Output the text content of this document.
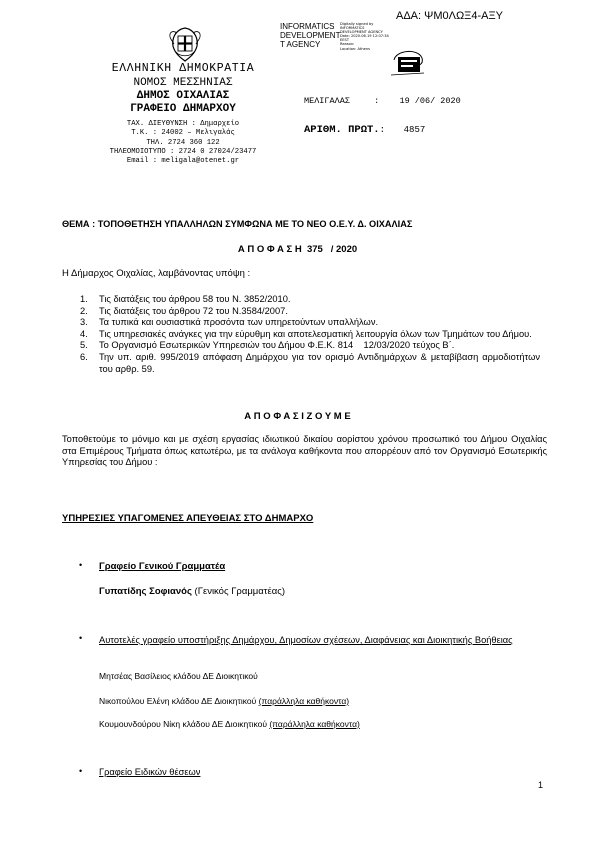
ΑΔΑ: ΨΜ0ΛΩΞ4-ΑΞΥ
ΕΛΛΗΝΙΚΗ ΔΗΜΟΚΡΑΤΙΑ
ΝΟΜΟΣ ΜΕΣΣΗΝΙΑΣ
ΔΗΜΟΣ ΟΙΧΑΛΙΑΣ
ΓΡΑΦΕΙΟ ΔΗΜΑΡΧΟΥ
ΤΑΧ. ΔΙΕΥΘΥΝΣΗ : Δημαρχείο
Τ.Κ. : 24002 – Μελιγαλάς
ΤΗΛ. 2724 360 122
ΤΗΛΕΟΜΟΙΟΤΥΠΟ : 2724 0 27024/23477
Email : meligala@otenet.gr
INFORMATICS
DEVELOPMENT
T AGENCY
Digitally signed by
INFORMATICS
DEVELOPMENT AGENCY
Date: 2020.06.19 12:07:34
EEST
Reason:
Location: Athens
ΜΕΛΙΓΑΛΑΣ	: 19 /06/ 2020
ΑΡΙΘΜ. ΠΡΩΤ.: 4857
ΘΕΜΑ : ΤΟΠΟΘΕΤΗΣΗ ΥΠΑΛΛΗΛΩΝ ΣΥΜΦΩΝΑ ΜΕ ΤΟ ΝΕΟ Ο.Ε.Υ. Δ. ΟΙΧΑΛΙΑΣ
Α Π Ο Φ Α Σ Η  375   / 2020
Η Δήμαρχος Οιχαλίας, λαμβάνοντας υπόψη :
1. Τις διατάξεις του άρθρου 58 του Ν. 3852/2010.
2. Τις διατάξεις του άρθρου 72 του Ν.3584/2007.
3. Τα τυπικά και ουσιαστικά προσόντα των υπηρετούντων υπαλλήλων.
4. Τις υπηρεσιακές ανάγκες για την εύρυθμη και αποτελεσματική λειτουργία όλων των Τμημάτων του Δήμου.
5. Το Οργανισμό Εσωτερικών Υπηρεσιών του Δήμου Φ.Ε.Κ. 814    12/03/2020 τεύχος Β΄.
6. Την υπ. αριθ. 995/2019 απόφαση Δημάρχου για τον ορισμό Αντιδημάρχων & μεταβίβαση αρμοδιοτήτων του αρθρ. 59.
Α Π Ο Φ Α Σ Ι Ζ Ο Υ Μ Ε
Τοποθετούμε το μόνιμο και με σχέση εργασίας ιδιωτικού δικαίου αορίστου χρόνου προσωπικό του Δήμου Οιχαλίας στα Επιμέρους Τμήματα όπως κατωτέρω, με τα ανάλογα καθήκοντα που απορρέουν από τον Οργανισμό Εσωτερικής Υπηρεσίας του Δήμου :
ΥΠΗΡΕΣΙΕΣ ΥΠΑΓΟΜΕΝΕΣ ΑΠΕΥΘΕΙΑΣ ΣΤΟ ΔΗΜΑΡΧΟ
• Γραφείο Γενικού Γραμματέα
Γυπατίδης Σοφιανός (Γενικός Γραμματέας)
• Αυτοτελές γραφείο υποστήριξης Δημάρχου, Δημοσίων σχέσεων, Διαφάνειας και Διοικητικής Βοήθειας
Μητσέας Βασίλειος κλάδου ΔΕ Διοικητικού
Νικοπούλου Ελένη κλάδου ΔΕ Διοικητικού (παράλληλα καθήκοντα)
Κουμουνδούρου Νίκη κλάδου ΔΕ Διοικητικού (παράλληλα καθήκοντα)
• Γραφείο Ειδικών θέσεων
1
